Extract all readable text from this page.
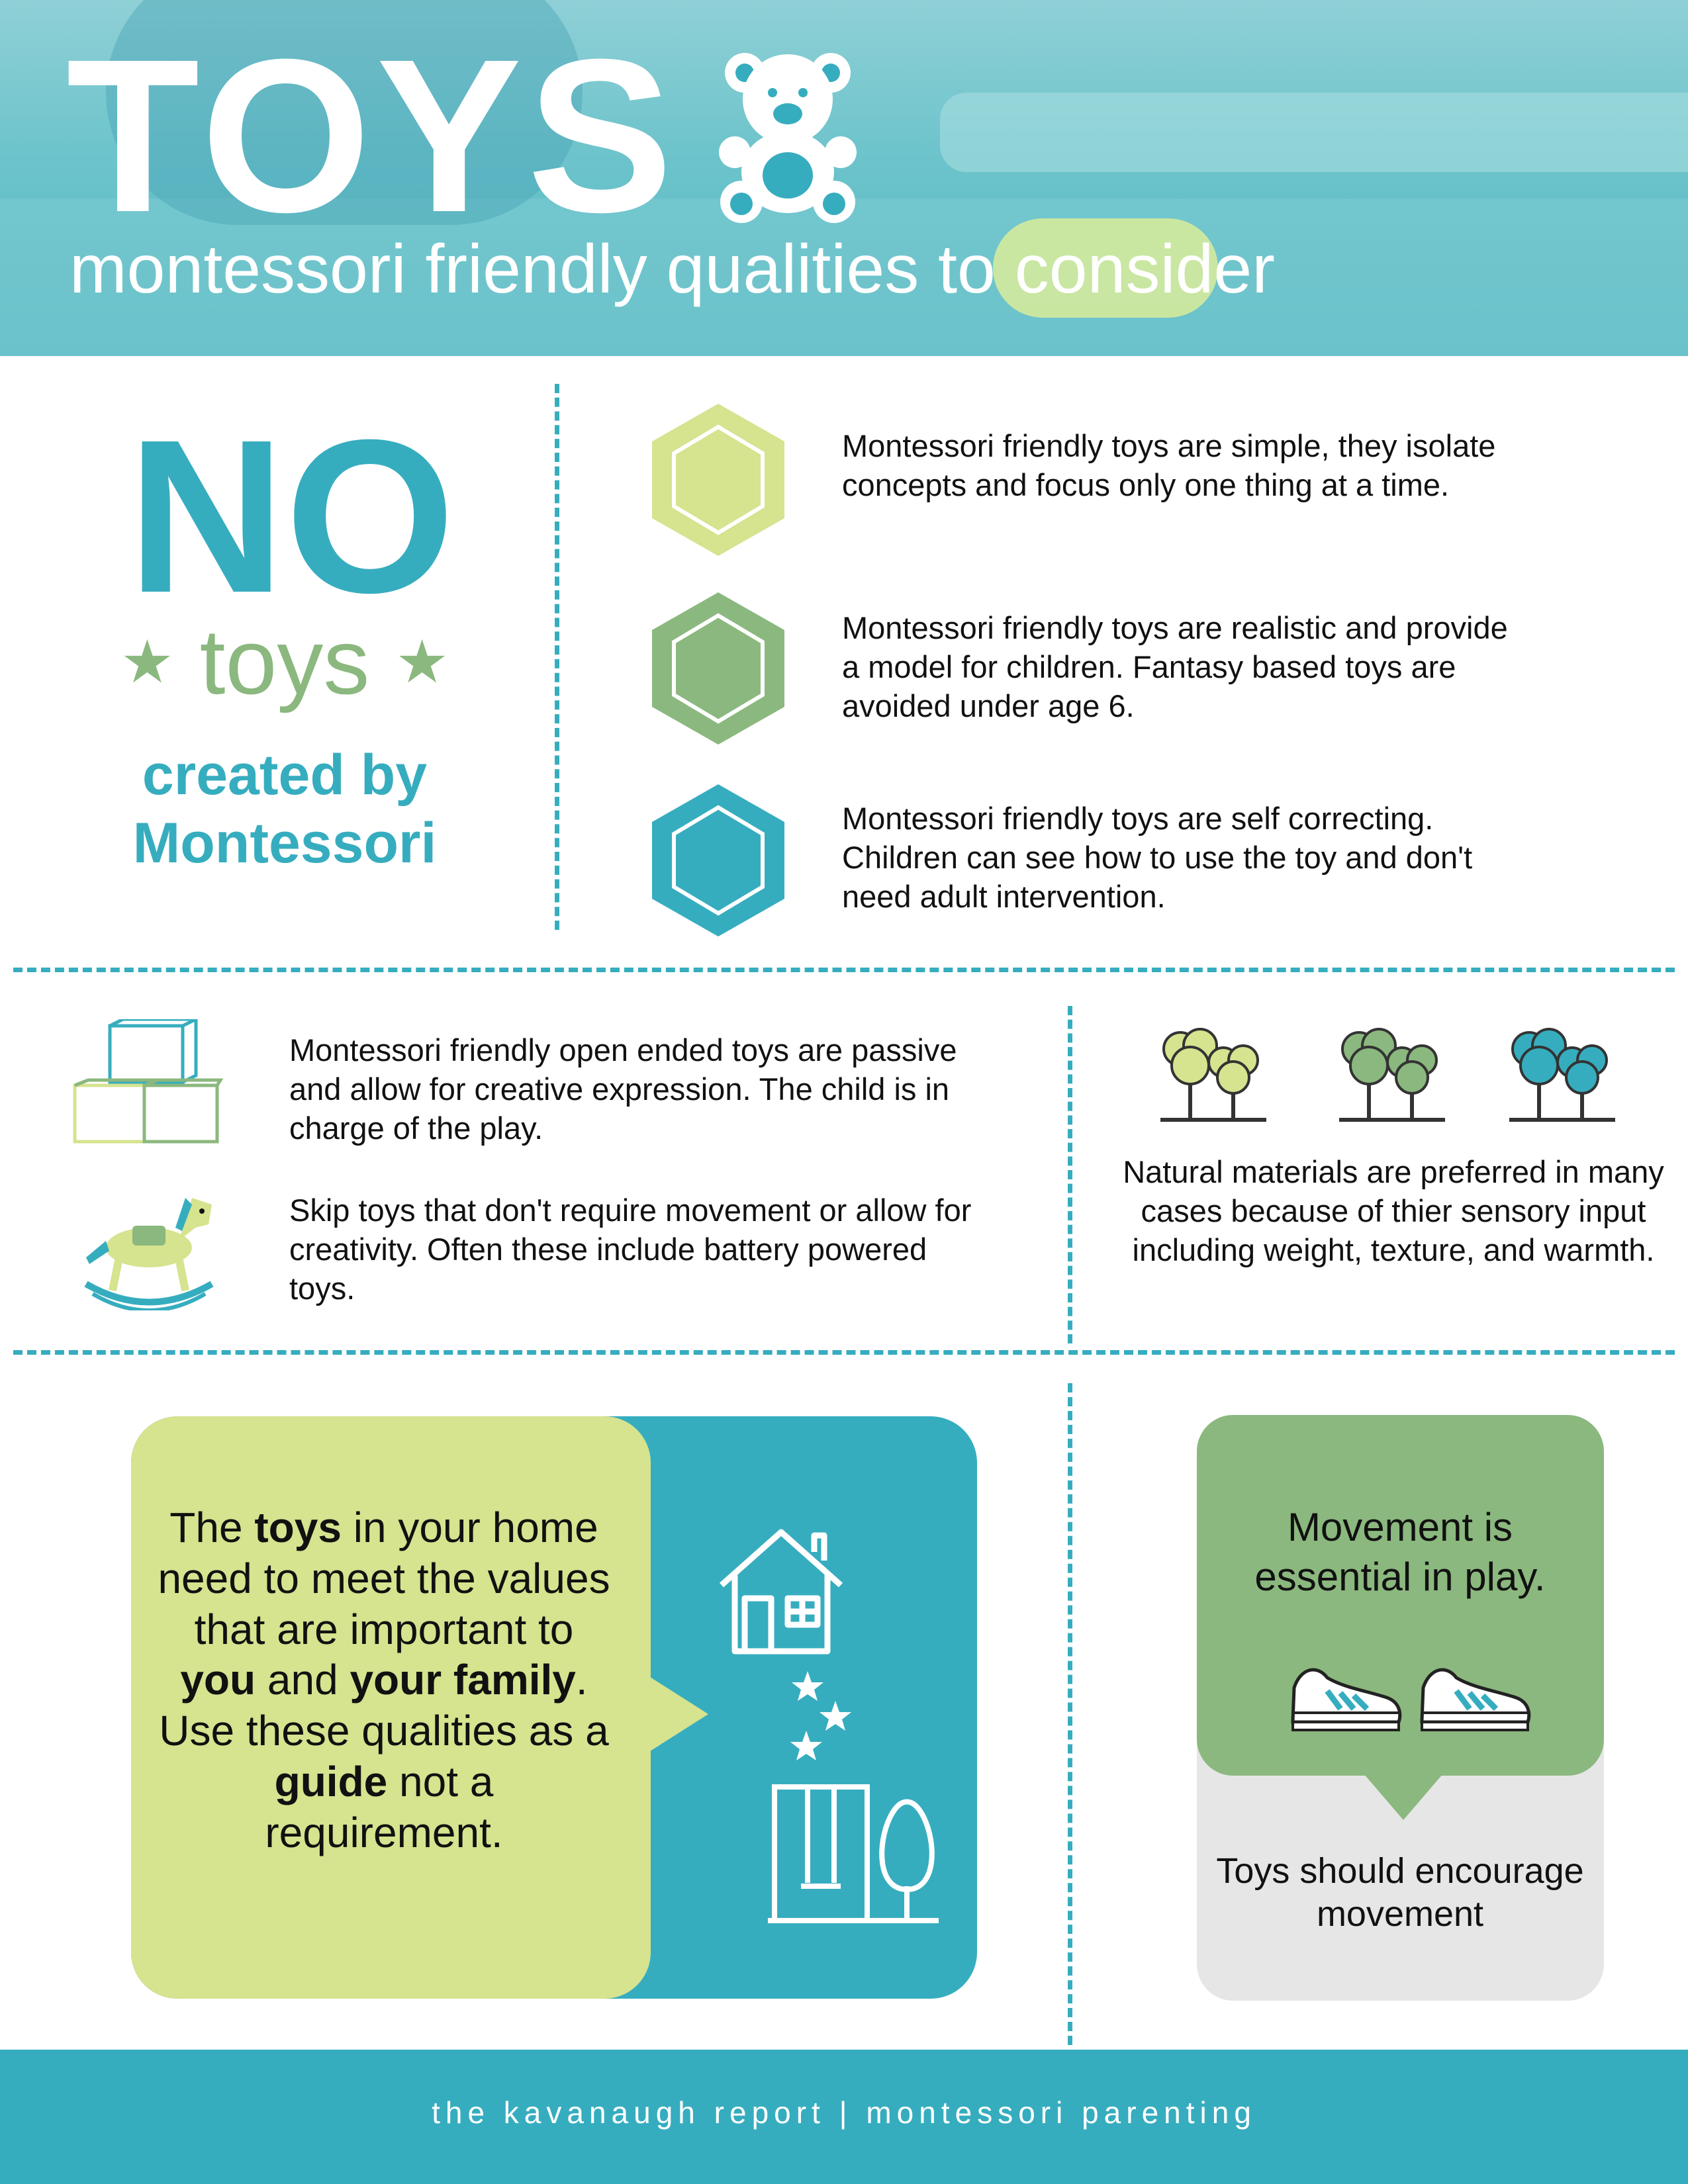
TOYS
montessori friendly qualities to consider
NO
★ toys ★
created by
Montessori
Montessori friendly toys are simple, they isolate concepts and focus only one thing at a time.
Montessori friendly toys are realistic and provide a model for children. Fantasy based toys are avoided under age 6.
Montessori friendly toys are self correcting. Children can see how to use the toy and don't need adult intervention.
Montessori friendly open ended toys are passive and allow for creative expression. The child is in charge of the play.
Skip toys that don't require movement or allow for creativity. Often these include battery powered toys.
Natural materials are preferred in many cases because of thier sensory input including weight, texture, and warmth.
The toys in your home need to meet the values that are important to you and your family. Use these qualities as a guide not a requirement.
Movement is essential in play.
Toys should encourage movement
the kavanaugh report | montessori parenting
